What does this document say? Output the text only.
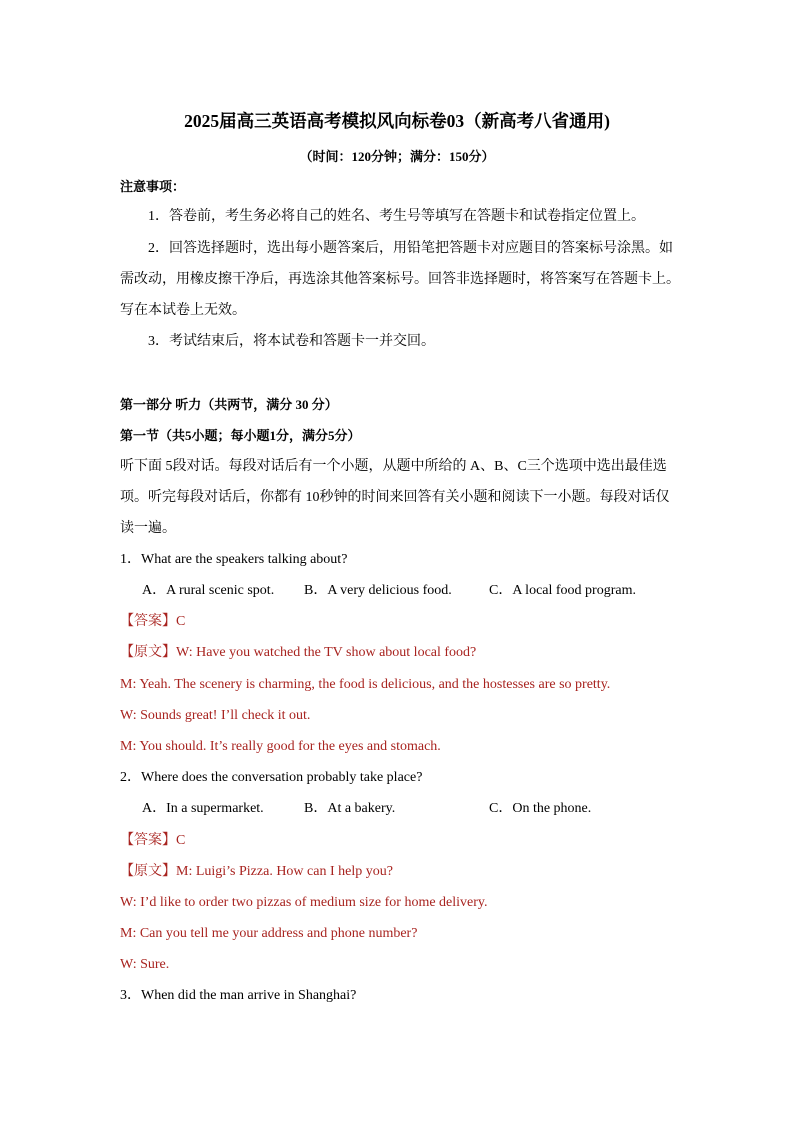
2025届高三英语高考模拟风向标卷03（新高考八省通用)
（时间：120分钟；满分：150分）
注意事项：
1．答卷前，考生务必将自己的姓名、考生号等填写在答题卡和试卷指定位置上。
2．回答选择题时，选出每小题答案后，用铅笔把答题卡对应题目的答案标号涂黑。如
需改动，用橡皮擦干净后，再选涂其他答案标号。回答非选择题时，将答案写在答题卡上。
写在本试卷上无效。
3．考试结束后，将本试卷和答题卡一并交回。
第一部分 听力（共两节，满分 30 分）
第一节（共5小题；每小题1分，满分5分）
听下面 5段对话。每段对话后有一个小题，从题中所给的 A、B、C三个选项中选出最佳选
项。听完每段对话后，你都有 10秒钟的时间来回答有关小题和阅读下一小题。每段对话仅
读一遍。
1．What are the speakers talking about?
A．A rural scenic spot. B．A very delicious food.	C．A local food program.
【答案】C
【原文】W: Have you watched the TV show about local food?
M: Yeah. The scenery is charming, the food is delicious, and the hostesses are so pretty.
W: Sounds great! I’ll check it out.
M: You should. It’s really good for the eyes and stomach.
2．Where does the conversation probably take place?
A．In a supermarket.	B．At a bakery.	C．On the phone.
【答案】C
【原文】M: Luigi’s Pizza. How can I help you?
W: I’d like to order two pizzas of medium size for home delivery.
M: Can you tell me your address and phone number?
W: Sure.
3．When did the man arrive in Shanghai?
